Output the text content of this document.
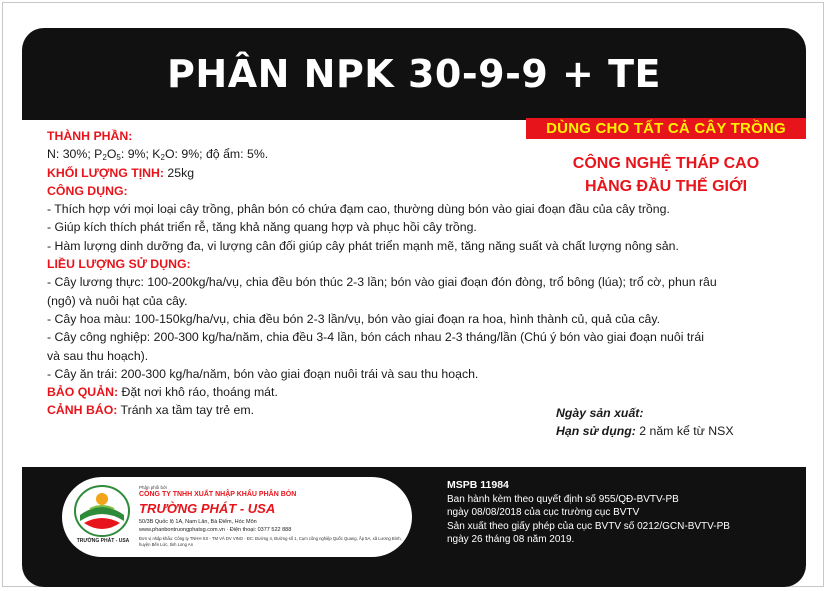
PHÂN NPK 30-9-9 + TE
DÙNG CHO TẤT CẢ CÂY TRỒNG
CÔNG NGHỆ THÁP CAO
HÀNG ĐẦU THẾ GIỚI

THÀNH PHẦN:

N: 30%; $P_2O_5$: 9%; $K_2O$: 9%; độ ẩm: 5%.

KHỐI LƯỢNG TỊNH: 25kg

CÔNG DỤNG:

- Thích hợp với mọi loại cây trồng, phân bón có chứa đạm cao, thường dùng bón vào giai đoạn đầu của cây trồng.

- Giúp kích thích phát triển rễ, tăng khả năng quang hợp và phục hồi cây trồng.

- Hàm lượng dinh dưỡng đa, vi lượng cân đối giúp cây phát triển mạnh mẽ, tăng năng suất và chất lượng nông sản.

LIỀU LƯỢNG SỬ DỤNG:

- Cây lương thực: 100-200kg/ha/vụ, chia đều bón thúc 2-3 lần; bón vào giai đoạn đón đòng, trổ bông (lúa); trổ cờ, phun râu

(ngô) và nuôi hạt của cây.

- Cây hoa màu: 100-150kg/ha/vụ, chia đều bón 2-3 lần/vụ, bón vào giai đoạn ra hoa, hình thành củ, quả của cây.

- Cây công nghiệp: 200-300 kg/ha/năm, chia đều 3-4 lần, bón cách nhau 2-3 tháng/lần (Chú ý bón vào giai đoạn nuôi trái

và sau thu hoạch).

- Cây ăn trái: 200-300 kg/ha/năm, bón vào giai đoạn nuôi trái và sau thu hoạch.

BẢO QUẢN: Đặt nơi khô ráo, thoáng mát.

CẢNH BÁO: Tránh xa tầm tay trẻ em.	Ngày sản xuất:
Hạn sử dụng: 2 năm kể từ NSX
TRƯỜNG PHÁT - USA
Phân phối bởi
CÔNG TY TNHH XUẤT NHẬP KHẨU PHÂN BÓN
TRƯỜNG PHÁT - USA
50/3B Quốc lộ 1A, Nam Lân, Bà Điểm, Hóc Môn
www.phanbontruongphatsg.com.vn · Điện thoại: 0377 522 888
Đơn vị nhập khẩu: Công ty TNHH SX - TM VÀ DV VINO · ĐC: Đường 4, Đường số 1, Cụm công nghiệp Quốc Quang, Ấp 5A, xã Lương Bình, huyện Bến Lức, tỉnh Long An

MSPB 11984

Ban hành kèm theo quyết định số 955/QĐ-BVTV-PB

ngày 08/08/2018 của cục trường cục BVTV

Sản xuất theo giấy phép của cục BVTV số 0212/GCN-BVTV-PB

ngày 26 tháng 08 năm 2019.
